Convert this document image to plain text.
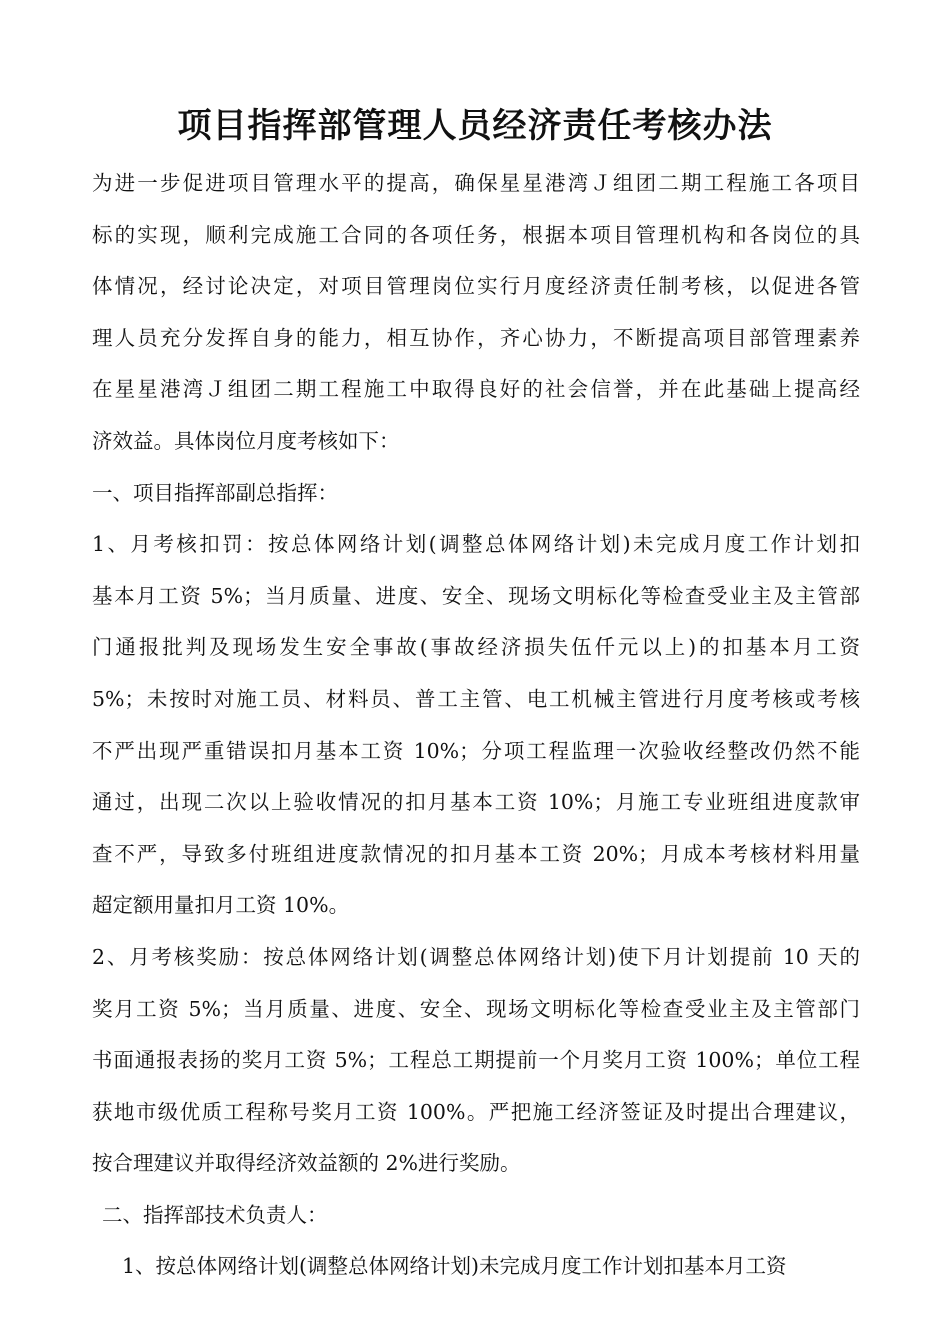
项目指挥部管理人员经济责任考核办法
为进一步促进项目管理水平的提高，确保星星港湾Ｊ组团二期工程施工各项目
标的实现，顺利完成施工合同的各项任务，根据本项目管理机构和各岗位的具
体情况，经讨论决定，对项目管理岗位实行月度经济责任制考核，以促进各管
理人员充分发挥自身的能力，相互协作，齐心协力，不断提高项目部管理素养
在星星港湾Ｊ组团二期工程施工中取得良好的社会信誉，并在此基础上提高经
济效益。具体岗位月度考核如下：
一、项目指挥部副总指挥：
1、月考核扣罚：按总体网络计划(调整总体网络计划)未完成月度工作计划扣
基本月工资 5%；当月质量、进度、安全、现场文明标化等检查受业主及主管部
门通报批判及现场发生安全事故(事故经济损失伍仟元以上)的扣基本月工资
5%；未按时对施工员、材料员、普工主管、电工机械主管进行月度考核或考核
不严出现严重错误扣月基本工资 10%；分项工程监理一次验收经整改仍然不能
通过，出现二次以上验收情况的扣月基本工资 10%；月施工专业班组进度款审
查不严，导致多付班组进度款情况的扣月基本工资 20%；月成本考核材料用量
超定额用量扣月工资 10%。
2、月考核奖励：按总体网络计划(调整总体网络计划)使下月计划提前 10 天的
奖月工资 5%；当月质量、进度、安全、现场文明标化等检查受业主及主管部门
书面通报表扬的奖月工资 5%；工程总工期提前一个月奖月工资 100%；单位工程
获地市级优质工程称号奖月工资 100%。严把施工经济签证及时提出合理建议，
按合理建议并取得经济效益额的 2%进行奖励。
二、指挥部技术负责人：
1、按总体网络计划(调整总体网络计划)未完成月度工作计划扣基本月工资
